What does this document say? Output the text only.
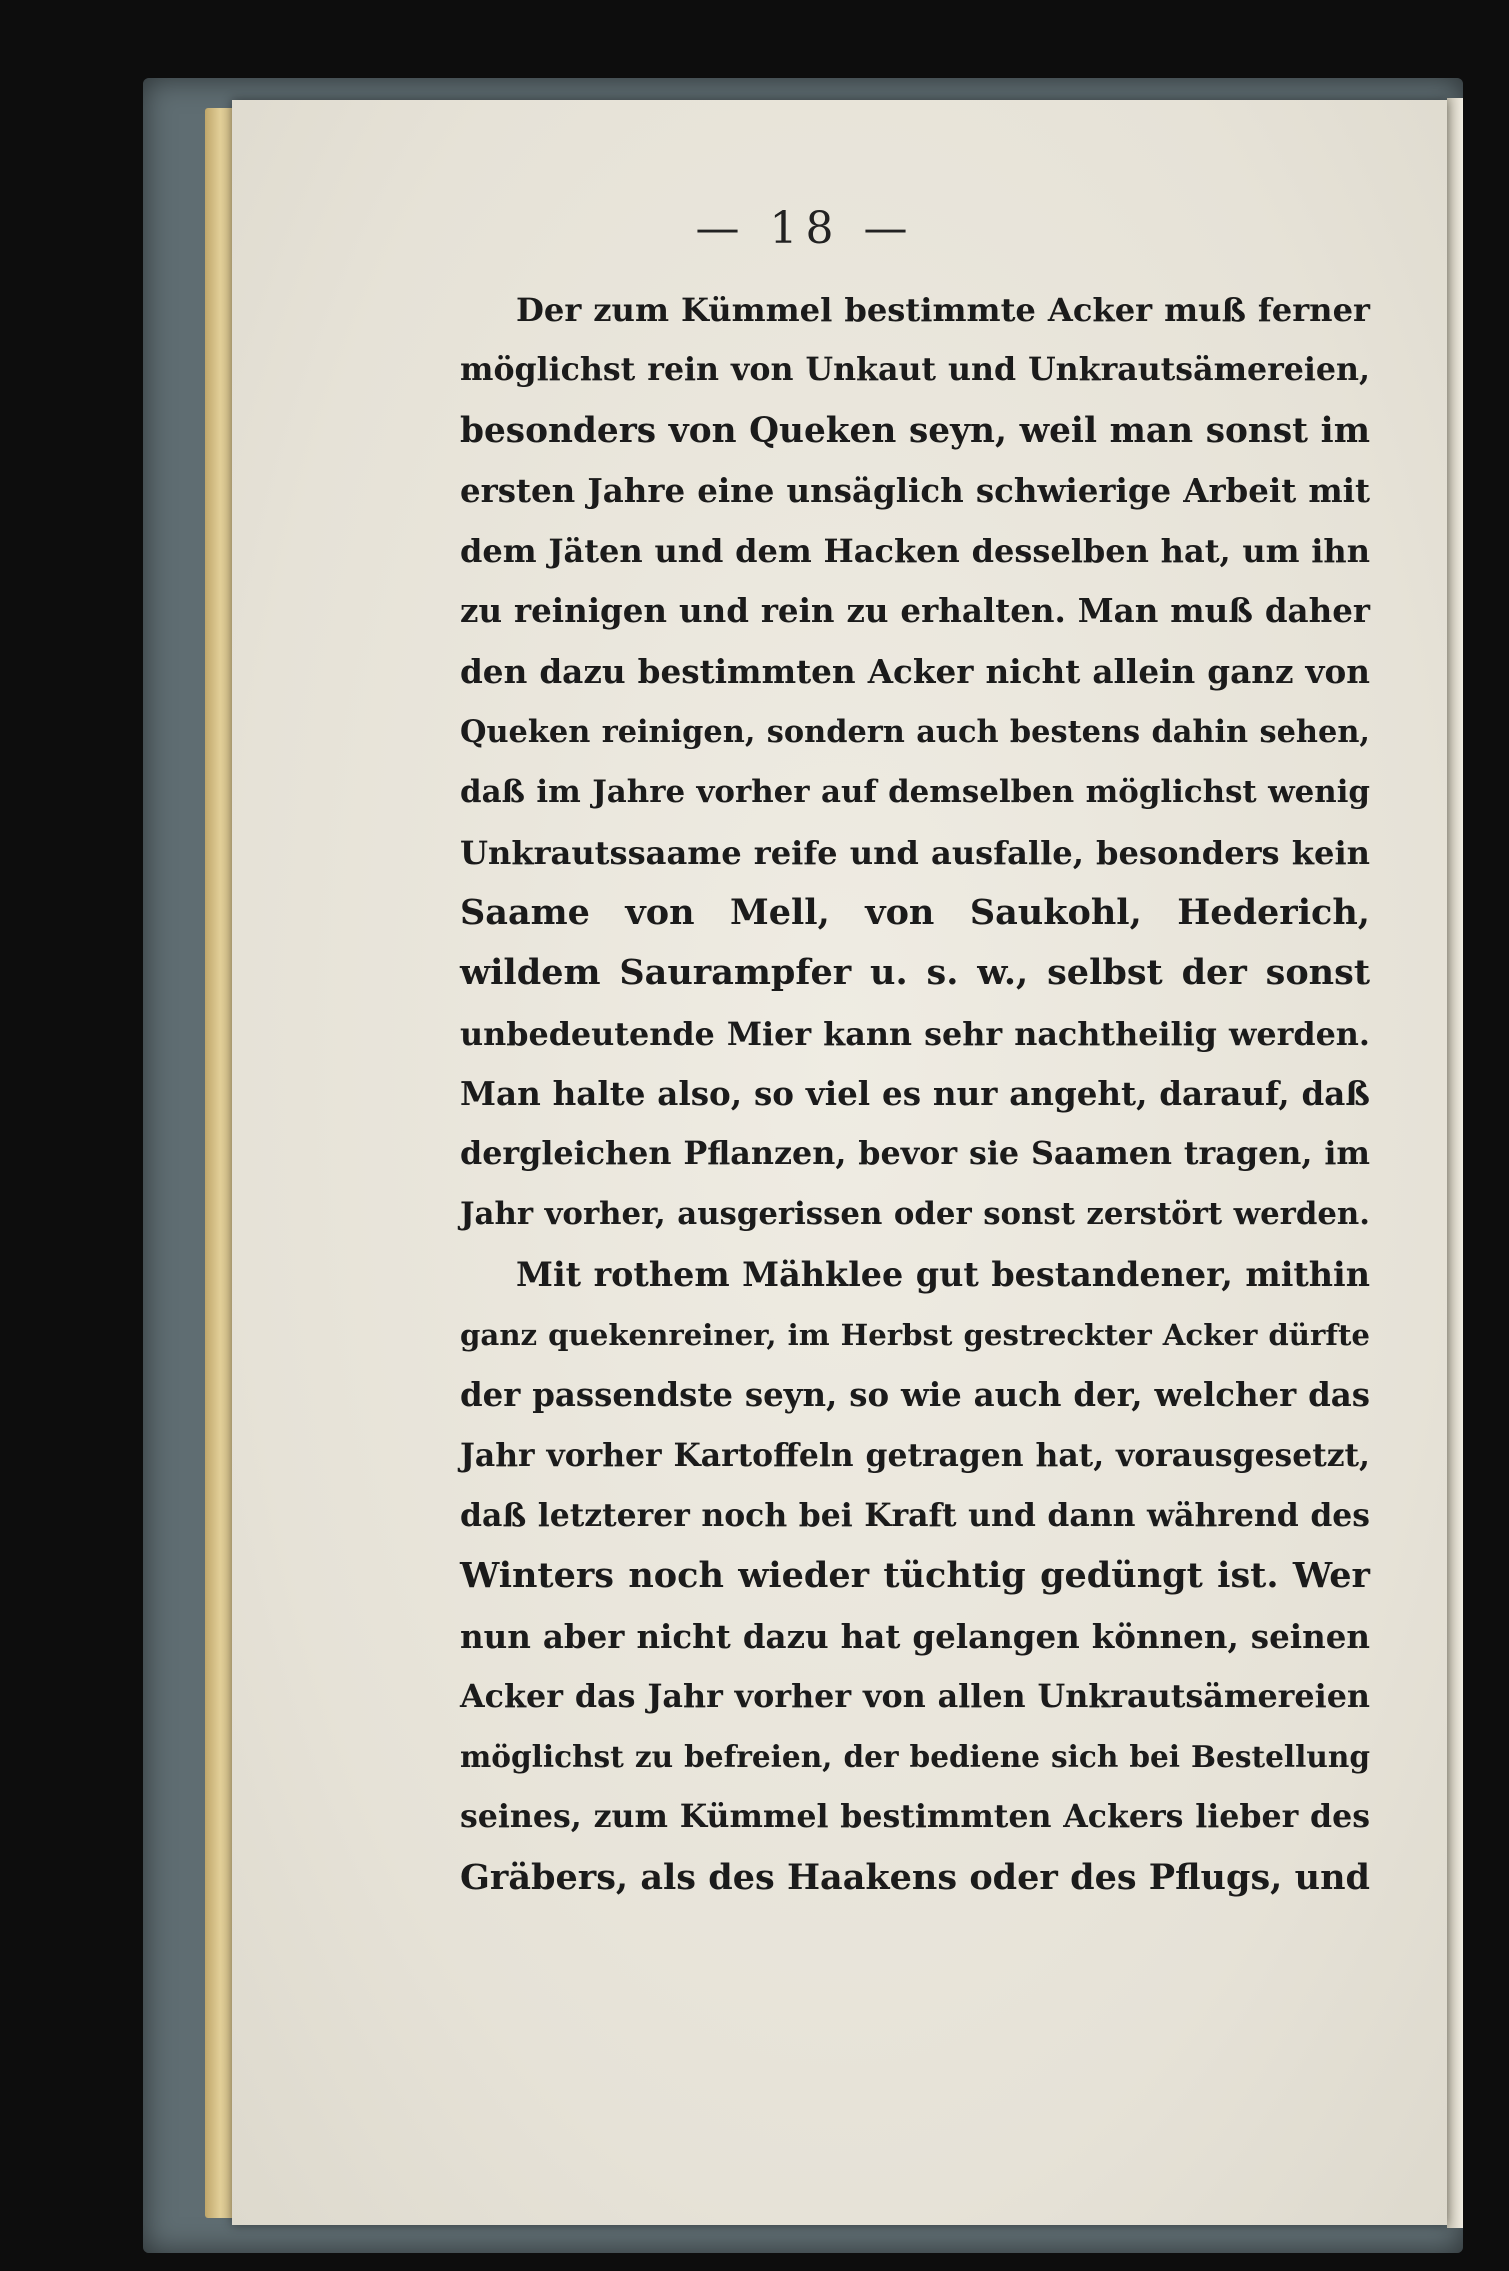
— 18 —
Der zum Kümmel bestimmte Acker muß ferner
möglichst rein von Unkaut und Unkrautsämereien,
besonders von Queken seyn, weil man sonst im
ersten Jahre eine unsäglich schwierige Arbeit mit
dem Jäten und dem Hacken desselben hat, um ihn
zu reinigen und rein zu erhalten. Man muß daher
den dazu bestimmten Acker nicht allein ganz von
Queken reinigen, sondern auch bestens dahin sehen,
daß im Jahre vorher auf demselben möglichst wenig
Unkrautssaame reife und ausfalle, besonders kein
Saame von Mell, von Saukohl, Hederich,
wildem Saurampfer u. s. w., selbst der sonst
unbedeutende Mier kann sehr nachtheilig werden.
Man halte also, so viel es nur angeht, darauf, daß
dergleichen Pflanzen, bevor sie Saamen tragen, im
Jahr vorher, ausgerissen oder sonst zerstört werden.
Mit rothem Mähklee gut bestandener, mithin
ganz quekenreiner, im Herbst gestreckter Acker dürfte
der passendste seyn, so wie auch der, welcher das
Jahr vorher Kartoffeln getragen hat, vorausgesetzt,
daß letzterer noch bei Kraft und dann während des
Winters noch wieder tüchtig gedüngt ist. Wer
nun aber nicht dazu hat gelangen können, seinen
Acker das Jahr vorher von allen Unkrautsämereien
möglichst zu befreien, der bediene sich bei Bestellung
seines, zum Kümmel bestimmten Ackers lieber des
Gräbers, als des Haakens oder des Pflugs, und
